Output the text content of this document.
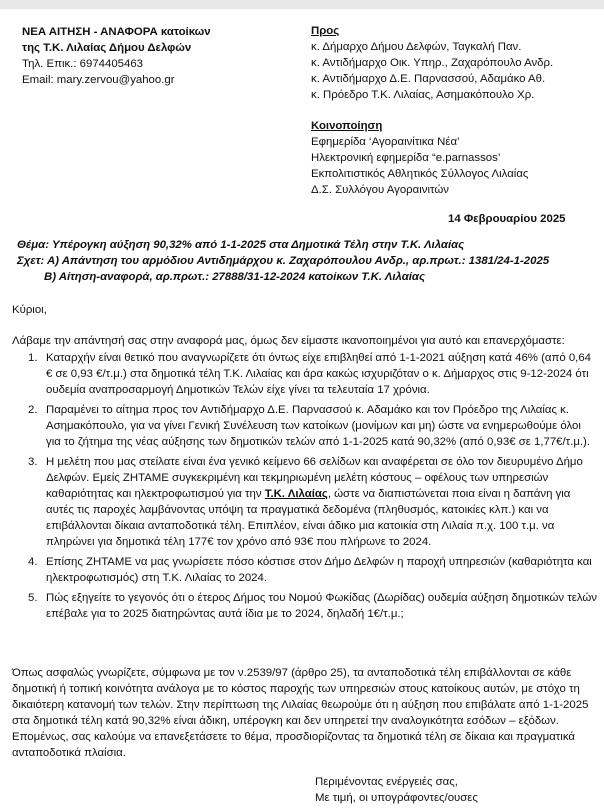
ΝΕΑ ΑΙΤΗΣΗ - ΑΝΑΦΟΡΑ κατοίκων
της Τ.Κ. Λιλαίας Δήμου Δελφών
Τηλ. Επικ.: 6974405463
Email: mary.zervou@yahoo.gr
Προς
κ. Δήμαρχο Δήμου Δελφών, Ταγκαλή Παν.
κ. Αντιδήμαρχο Οικ. Υπηρ., Ζαχαρόπουλο Ανδρ.
κ. Αντιδήμαρχο Δ.Ε. Παρνασσού, Αδαμάκο Αθ.
κ. Πρόεδρο Τ.Κ. Λιλαίας, Ασημακόπουλο Χρ.
Κοινοποίηση
Εφημερίδα ‘Αγοραινίτικα Νέα’
Ηλεκτρονική εφημερίδα “e.parnassos’
Εκπολιτιστικός Αθλητικός Σύλλογος Λιλαίας
Δ.Σ. Συλλόγου Αγοραινιτών
14 Φεβρουαρίου 2025
Θέμα: Υπέρογκη αύξηση 90,32% από 1-1-2025 στα Δημοτικά Τέλη στην Τ.Κ. Λιλαίας
Σχετ: Α) Απάντηση του αρμόδιου Αντιδημάρχου κ. Ζαχαρόπουλου Ανδρ., αρ.πρωτ.: 1381/24-1-2025
Β) Αίτηση-αναφορά, αρ.πρωτ.: 27888/31-12-2024 κατοίκων Τ.Κ. Λιλαίας
Κύριοι,
Λάβαμε την απάντησή σας στην αναφορά μας, όμως δεν είμαστε ικανοποιημένοι για αυτό και επανερχόμαστε:
1. Καταρχήν είναι θετικό που αναγνωρίζετε ότι όντως είχε επιβληθεί από 1-1-2021 αύξηση κατά 46% (από 0,64 € σε 0,93 €/τ.μ.) στα δημοτικά τέλη Τ.Κ. Λιλαίας και άρα κακώς ισχυριζόταν ο κ. Δήμαρχος στις 9-12-2024 ότι ουδεμία αναπροσαρμογή Δημοτικών Τελών είχε γίνει τα τελευταία 17 χρόνια.
2. Παραμένει το αίτημα προς τον Αντιδήμαρχο Δ.Ε. Παρνασσού κ. Αδαμάκο και τον Πρόεδρο της Λιλαίας κ. Ασημακόπουλο, για να γίνει Γενική Συνέλευση των κατοίκων (μονίμων και μη) ώστε να ενημερωθούμε όλοι για το ζήτημα της νέας αύξησης των δημοτικών τελών από 1-1-2025 κατά 90,32% (από 0,93€ σε 1,77€/τ.μ.).
3. Η μελέτη που μας στείλατε είναι ένα γενικό κείμενο 66 σελίδων και αναφέρεται σε όλο τον διευρυμένο Δήμο Δελφών. Εμείς ΖΗΤΑΜΕ συγκεκριμένη και τεκμηριωμένη μελέτη κόστους – οφέλους των υπηρεσιών καθαριότητας και ηλεκτροφωτισμού για την Τ.Κ. Λιλαίας, ώστε να διαπιστώνεται ποια είναι η δαπάνη για αυτές τις παροχές λαμβάνοντας υπόψη τα πραγματικά δεδομένα (πληθυσμός, κατοικίες κλπ.) και να επιβάλλονται δίκαια ανταποδοτικά τέλη. Επιπλέον, είναι άδικο μια κατοικία στη Λιλαία π.χ. 100 τ.μ. να πληρώνει για δημοτικά τέλη 177€ τον χρόνο από 93€ που πλήρωνε το 2024.
4. Επίσης ΖΗΤΑΜΕ να μας γνωρίσετε πόσο κόστισε στον Δήμο Δελφών η παροχή υπηρεσιών (καθαριότητα και ηλεκτροφωτισμός) στη Τ.Κ. Λιλαίας το 2024.
5. Πώς εξηγείτε το γεγονός ότι ο έτερος Δήμος του Νομού Φωκίδας (Δωρίδας) ουδεμία αύξηση δημοτικών τελών επέβαλε για το 2025 διατηρώντας αυτά ίδια με το 2024, δηλαδή 1€/τ.μ.;
Όπως ασφαλώς γνωρίζετε, σύμφωνα με τον ν.2539/97 (άρθρο 25), τα ανταποδοτικά τέλη επιβάλλονται σε κάθε δημοτική ή τοπική κοινότητα ανάλογα με το κόστος παροχής των υπηρεσιών στους κατοίκους αυτών, με στόχο τη δικαιότερη κατανομή των τελών. Στην περίπτωση της Λιλαίας θεωρούμε ότι η αύξηση που επιβάλατε από 1-1-2025 στα δημοτικά τέλη κατά 90,32% είναι άδικη, υπέρογκη και δεν υπηρετεί την αναλογικότητα εσόδων – εξόδων. Επομένως, σας καλούμε να επανεξετάσετε το θέμα, προσδιορίζοντας τα δημοτικά τέλη σε δίκαια και πραγματικά ανταποδοτικά πλαίσια.
Περιμένοντας ενέργειές σας,
Με τιμή, οι υπογράφοντες/ουσες
